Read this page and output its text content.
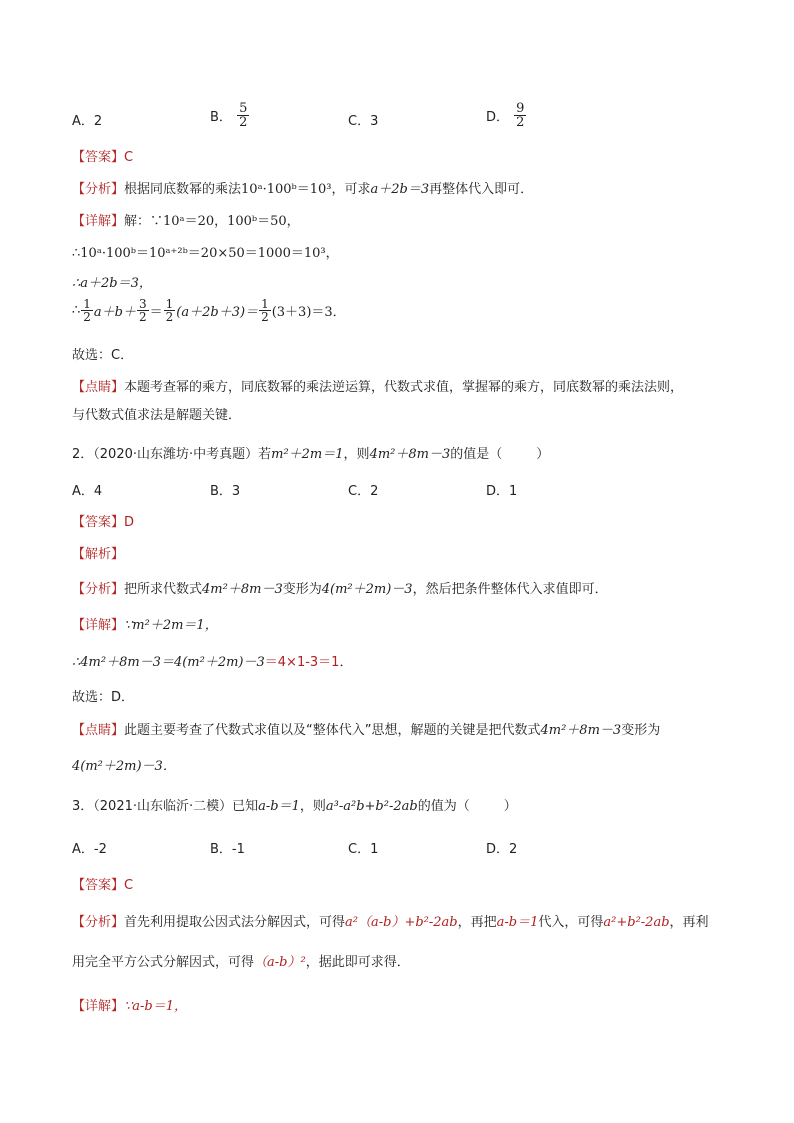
A．2	B． $\frac{5}{2}$	C．3	D． $\frac{9}{2}$
【答案】C
【分析】根据同底数幂的乘法10ᵃ·100ᵇ＝10³，可求a＋2b＝3再整体代入即可．
【详解】解：∵10ᵃ＝20，100ᵇ＝50，
∴10ᵃ·100ᵇ＝10ᵃ⁺²ᵇ＝20×50＝1000＝10³，
∴a＋2b＝3，
∴ $\frac{1}{2} a+b+ \frac{3}{2} = \frac{1}{2} (a+2b+3)= \frac{1}{2} (3+3)=3$．
故选：C．
【点睛】本题考查幂的乘方，同底数幂的乘法逆运算，代数式求值，掌握幂的乘方，同底数幂的乘法法则，
与代数式值求法是解题关键．
2．（2020·山东潍坊·中考真题）若m²＋2m＝1，则4m²＋8m－3的值是（	）
A．4	B．3	C．2	D．1
【答案】D
【解析】
【分析】把所求代数式4m²＋8m－3变形为4(m²＋2m)－3，然后把条件整体代入求值即可．
【详解】∵m²＋2m＝1，
∴4m²＋8m－3＝4(m²＋2m)－3＝4×1-3＝1．
故选：D．
【点睛】此题主要考查了代数式求值以及“整体代入”思想，解题的关键是把代数式4m²＋8m－3变形为
4(m²＋2m)－3．
3．（2021·山东临沂·二模）已知a-b＝1，则a³-a²b+b²-2ab的值为（	）
A．-2	B．-1	C．1	D．2
【答案】C
【分析】首先利用提取公因式法分解因式，可得a²（a-b）+b²-2ab，再把a-b＝1代入，可得a²+b²-2ab，再利
用完全平方公式分解因式，可得（a-b）²，据此即可求得．
【详解】∵a-b＝1，
